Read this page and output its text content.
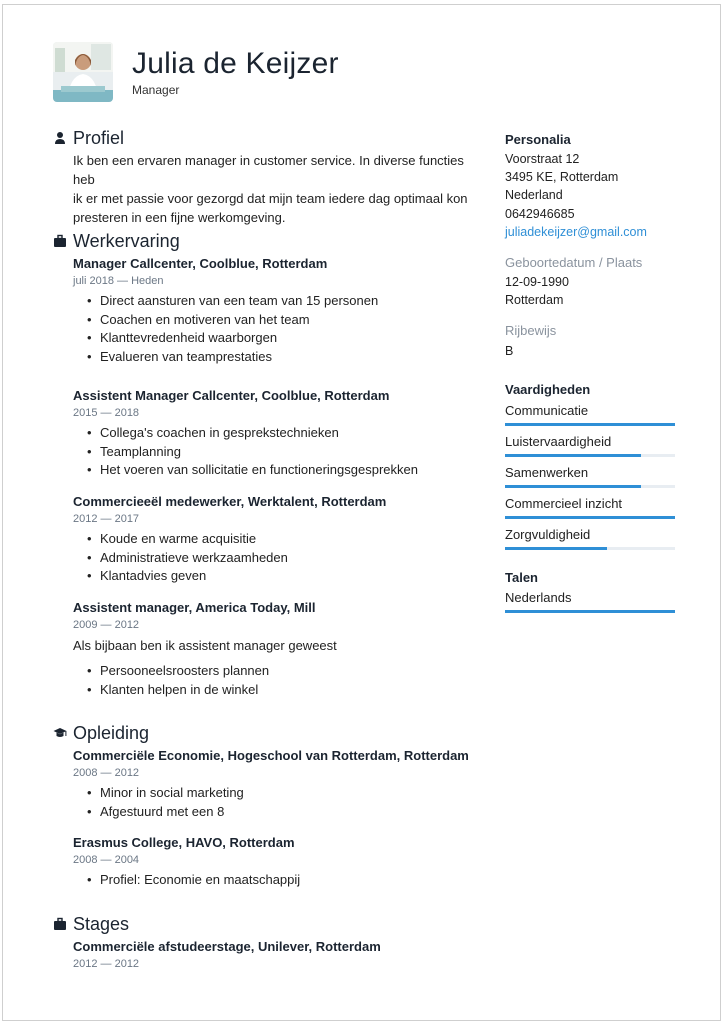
Julia de Keijzer
Manager
Profiel
Ik ben een ervaren manager in customer service. In diverse functies heb
ik er met passie voor gezorgd dat mijn team iedere dag optimaal kon
presteren in een fijne werkomgeving.
Werkervaring
Manager Callcenter, Coolblue, Rotterdam
juli 2018 — Heden
• Direct aansturen van een team van 15 personen
• Coachen en motiveren van het team
• Klanttevredenheid waarborgen
• Evalueren van teamprestaties
Assistent Manager Callcenter, Coolblue, Rotterdam
2015 — 2018
• Collega's coachen in gesprekstechnieken
• Teamplanning
• Het voeren van sollicitatie en functioneringsgesprekken
Commercieeël medewerker, Werktalent, Rotterdam
2012 — 2017
• Koude en warme acquisitie
• Administratieve werkzaamheden
• Klantadvies geven
Assistent manager, America Today, Mill
2009 — 2012
Als bijbaan ben ik assistent manager geweest
• Persooneelsroosters plannen
• Klanten helpen in de winkel
Opleiding
Commerciële Economie, Hogeschool van Rotterdam, Rotterdam
2008 — 2012
• Minor in social marketing
• Afgestuurd met een 8
Erasmus College, HAVO, Rotterdam
2008 — 2004
• Profiel: Economie en maatschappij
Stages
Commerciële afstudeerstage, Unilever, Rotterdam
2012 — 2012
Personalia
Voorstraat 12
3495 KE, Rotterdam
Nederland
0642946685
juliadekeijzer@gmail.com
Geboortedatum / Plaats
12-09-1990
Rotterdam
Rijbewijs
B
Vaardigheden
Communicatie
Luistervaardigheid
Samenwerken
Commercieel inzicht
Zorgvuldigheid
Talen
Nederlands
